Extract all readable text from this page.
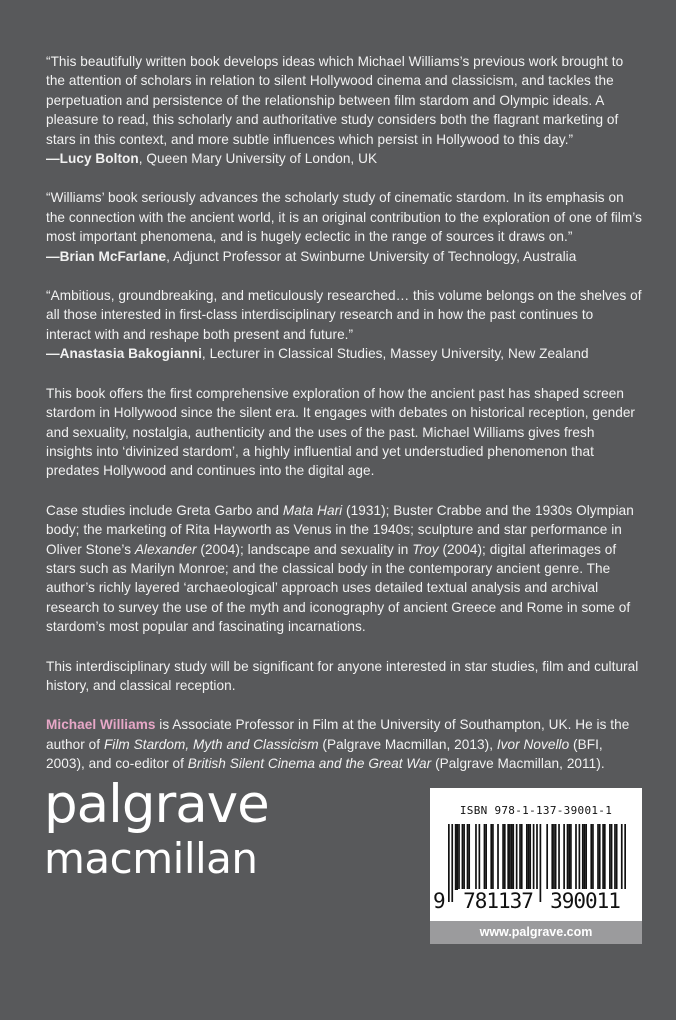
“This beautifully written book develops ideas which Michael Williams’s previous work brought to the attention of scholars in relation to silent Hollywood cinema and classicism, and tackles the perpetuation and persistence of the relationship between film stardom and Olympic ideals. A pleasure to read, this scholarly and authoritative study considers both the flagrant marketing of stars in this context, and more subtle influences which persist in Hollywood to this day.”
—Lucy Bolton, Queen Mary University of London, UK

“Williams’ book seriously advances the scholarly study of cinematic stardom. In its emphasis on the connection with the ancient world, it is an original contribution to the exploration of one of film’s most important phenomena, and is hugely eclectic in the range of sources it draws on.”
—Brian McFarlane, Adjunct Professor at Swinburne University of Technology, Australia

“Ambitious, groundbreaking, and meticulously researched… this volume belongs on the shelves of all those interested in first-class interdisciplinary research and in how the past continues to interact with and reshape both present and future.”
—Anastasia Bakogianni, Lecturer in Classical Studies, Massey University, New Zealand

This book offers the first comprehensive exploration of how the ancient past has shaped screen stardom in Hollywood since the silent era. It engages with debates on historical reception, gender and sexuality, nostalgia, authenticity and the uses of the past. Michael Williams gives fresh insights into ‘divinized stardom’, a highly influential and yet understudied phenomenon that predates Hollywood and continues into the digital age.

Case studies include Greta Garbo and Mata Hari (1931); Buster Crabbe and the 1930s Olympian body; the marketing of Rita Hayworth as Venus in the 1940s; sculpture and star performance in Oliver Stone’s Alexander (2004); landscape and sexuality in Troy (2004); digital afterimages of stars such as Marilyn Monroe; and the classical body in the contemporary ancient genre. The author’s richly layered ‘archaeological’ approach uses detailed textual analysis and archival research to survey the use of the myth and iconography of ancient Greece and Rome in some of stardom’s most popular and fascinating incarnations.

This interdisciplinary study will be significant for anyone interested in star studies, film and cultural history, and classical reception.

Michael Williams is Associate Professor in Film at the University of Southampton, UK. He is the author of Film Stardom, Myth and Classicism (Palgrave Macmillan, 2013), Ivor Novello (BFI, 2003), and co-editor of British Silent Cinema and the Great War (Palgrave Macmillan, 2011).

palgrave
macmillan
ISBN 978-1-137-39001-1
9 781137 390011
www.palgrave.com
